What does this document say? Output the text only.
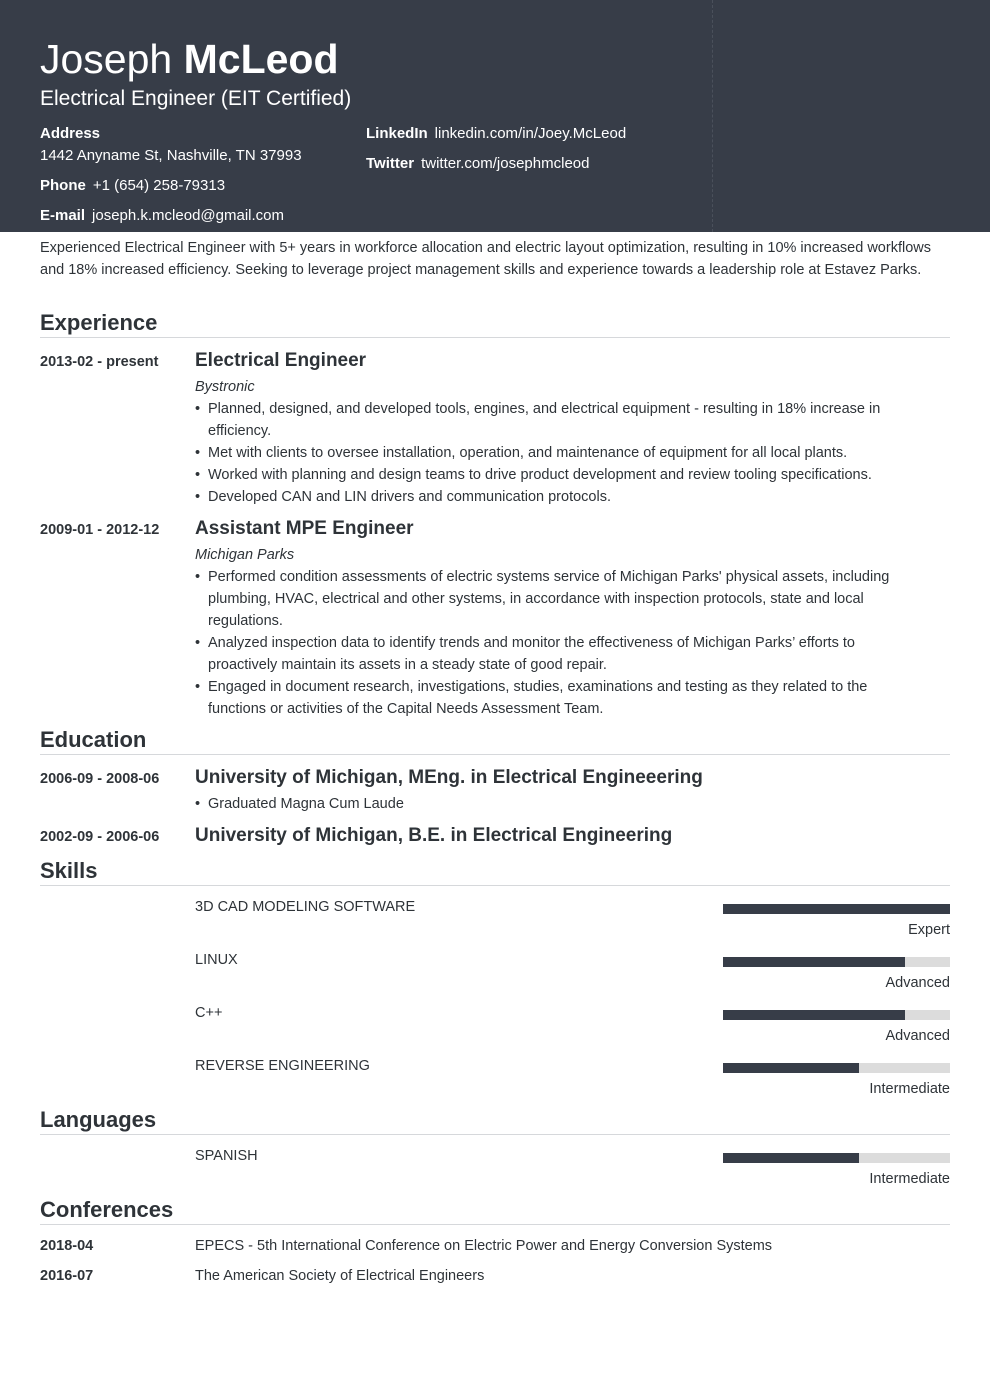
Joseph McLeod
Electrical Engineer (EIT Certified)
Address
1442 Anyname St, Nashville, TN 37993
Phone +1 (654) 258-79313
E-mail joseph.k.mcleod@gmail.com
LinkedIn linkedin.com/in/Joey.McLeod
Twitter twitter.com/josephmcleod
Experienced Electrical Engineer with 5+ years in workforce allocation and electric layout optimization, resulting in 10% increased workflows and 18% increased efficiency. Seeking to leverage project management skills and experience towards a leadership role at Estavez Parks.
Experience
2013-02 - present Electrical Engineer
Bystronic
• Planned, designed, and developed tools, engines, and electrical equipment - resulting in 18% increase in efficiency.
• Met with clients to oversee installation, operation, and maintenance of equipment for all local plants.
• Worked with planning and design teams to drive product development and review tooling specifications.
• Developed CAN and LIN drivers and communication protocols.
2009-01 - 2012-12 Assistant MPE Engineer
Michigan Parks
• Performed condition assessments of electric systems service of Michigan Parks' physical assets, including plumbing, HVAC, electrical and other systems, in accordance with inspection protocols, state and local regulations.
• Analyzed inspection data to identify trends and monitor the effectiveness of Michigan Parks’ efforts to proactively maintain its assets in a steady state of good repair.
• Engaged in document research, investigations, studies, examinations and testing as they related to the functions or activities of the Capital Needs Assessment Team.
Education
2006-09 - 2008-06 University of Michigan, MEng. in Electrical Engineeering
• Graduated Magna Cum Laude
2002-09 - 2006-06 University of Michigan, B.E. in Electrical Engineering
Skills
3D CAD MODELING SOFTWARE
Expert
LINUX
Advanced
C++
Advanced
REVERSE ENGINEERING
Intermediate
Languages
SPANISH
Intermediate
Conferences
2018-04	EPECS - 5th International Conference on Electric Power and Energy Conversion Systems
2016-07	The American Society of Electrical Engineers
